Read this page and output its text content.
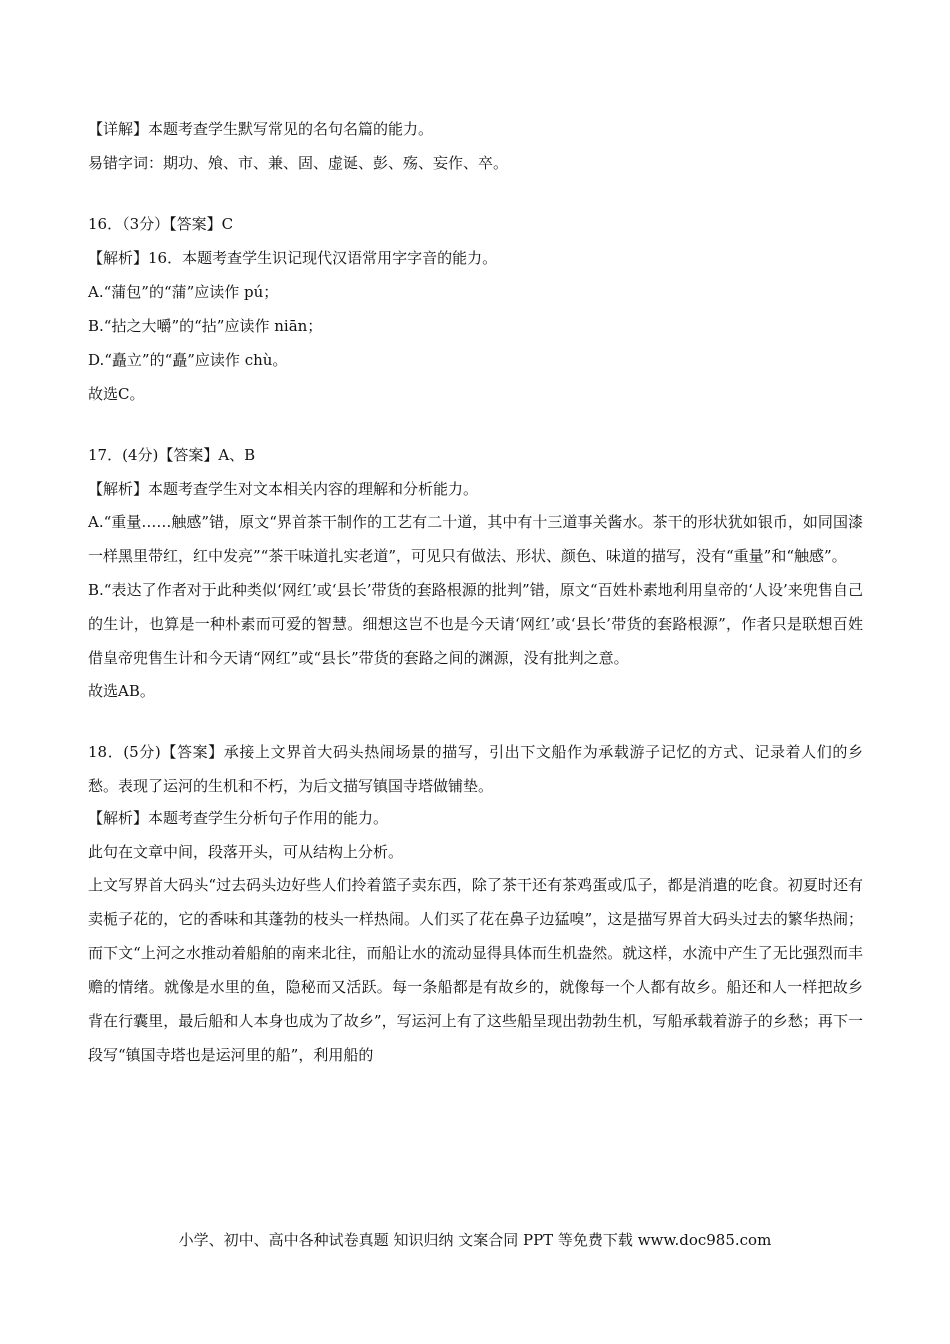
【详解】本题考查学生默写常见的名句名篇的能力。

易错字词：期功、飧、市、兼、固、虚诞、彭、殇、妄作、卒。

16．（3分）【答案】C

【解析】16．本题考查学生识记现代汉语常用字字音的能力。

A.“蒲包”的“蒲”应读作 pú；

B.“拈之大嚼”的“拈”应读作 niān；

D.“矗立”的“矗”应读作 chù。

故选C。

17．(4分)【答案】A、B

【解析】本题考查学生对文本相关内容的理解和分析能力。

A.“重量……触感”错，原文“界首茶干制作的工艺有二十道，其中有十三道事关酱水。茶干的形状犹如银币，如同国漆一样黑里带红，红中发亮”“茶干味道扎实老道”，可见只有做法、形状、颜色、味道的描写，没有“重量”和“触感”。

B.“表达了作者对于此种类似‘网红’或‘县长’带货的套路根源的批判”错，原文“百姓朴素地利用皇帝的‘人设’来兜售自己的生计，也算是一种朴素而可爱的智慧。细想这岂不也是今天请‘网红’或‘县长’带货的套路根源”，作者只是联想百姓借皇帝兜售生计和今天请“网红”或“县长”带货的套路之间的渊源，没有批判之意。

故选AB。

18．(5分)【答案】承接上文界首大码头热闹场景的描写，引出下文船作为承载游子记忆的方式、记录着人们的乡愁。表现了运河的生机和不朽，为后文描写镇国寺塔做铺垫。

【解析】本题考查学生分析句子作用的能力。

此句在文章中间，段落开头，可从结构上分析。

上文写界首大码头“过去码头边好些人们拎着篮子卖东西，除了茶干还有茶鸡蛋或瓜子，都是消遣的吃食。初夏时还有卖栀子花的，它的香味和其蓬勃的枝头一样热闹。人们买了花在鼻子边猛嗅”，这是描写界首大码头过去的繁华热闹；而下文“上河之水推动着船舶的南来北往，而船让水的流动显得具体而生机盎然。就这样，水流中产生了无比强烈而丰赡的情绪。就像是水里的鱼，隐秘而又活跃。每一条船都是有故乡的，就像每一个人都有故乡。船还和人一样把故乡背在行囊里，最后船和人本身也成为了故乡”，写运河上有了这些船呈现出勃勃生机，写船承载着游子的乡愁；再下一段写“镇国寺塔也是运河里的船”，利用船的

小学、初中、高中各种试卷真题 知识归纳 文案合同 PPT 等免费下载 www.doc985.com
